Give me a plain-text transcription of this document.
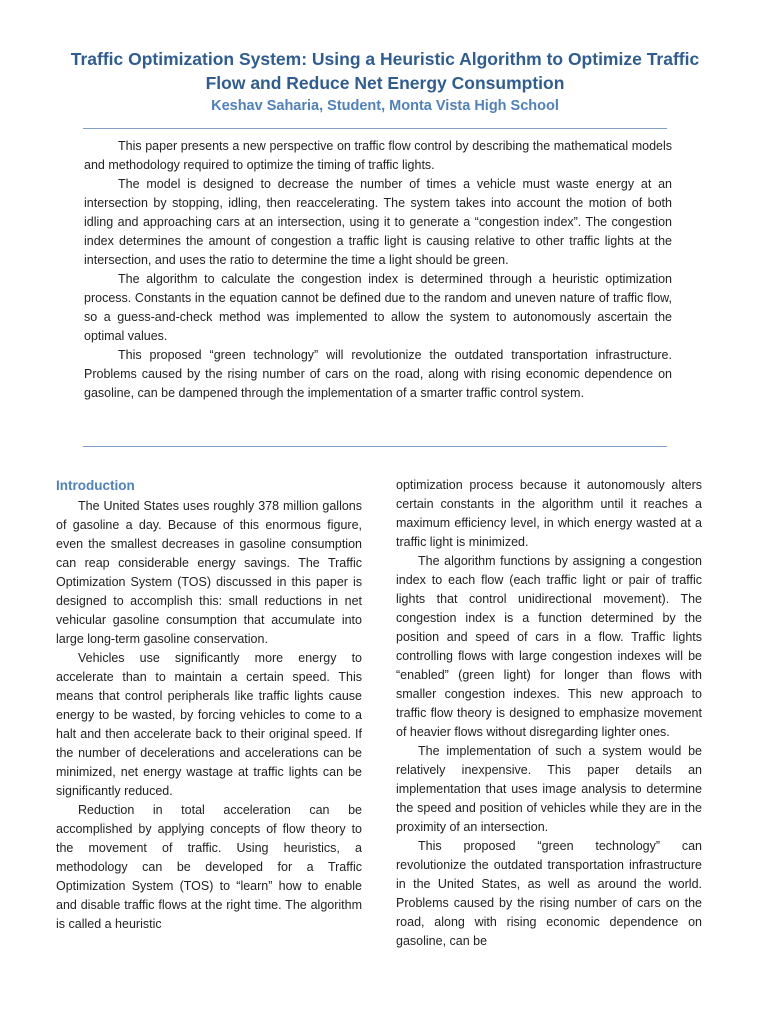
Traffic Optimization System: Using a Heuristic Algorithm to Optimize Traffic Flow and Reduce Net Energy Consumption
Keshav Saharia, Student, Monta Vista High School

This paper presents a new perspective on traffic flow control by describing the mathematical models and methodology required to optimize the timing of traffic lights.

The model is designed to decrease the number of times a vehicle must waste energy at an intersection by stopping, idling, then reaccelerating. The system takes into account the motion of both idling and approaching cars at an intersection, using it to generate a “congestion index”. The congestion index determines the amount of congestion a traffic light is causing relative to other traffic lights at the intersection, and uses the ratio to determine the time a light should be green.

The algorithm to calculate the congestion index is determined through a heuristic optimization process. Constants in the equation cannot be defined due to the random and uneven nature of traffic flow, so a guess-and-check method was implemented to allow the system to autonomously ascertain the optimal values.

This proposed “green technology” will revolutionize the outdated transportation infrastructure. Problems caused by the rising number of cars on the road, along with rising economic dependence on gasoline, can be dampened through the implementation of a smarter traffic control system.

Introduction

The United States uses roughly 378 million gallons of gasoline a day. Because of this enormous figure, even the smallest decreases in gasoline consumption can reap considerable energy savings. The Traffic Optimization System (TOS) discussed in this paper is designed to accomplish this: small reductions in net vehicular gasoline consumption that accumulate into large long-term gasoline conservation.

Vehicles use significantly more energy to accelerate than to maintain a certain speed. This means that control peripherals like traffic lights cause energy to be wasted, by forcing vehicles to come to a halt and then accelerate back to their original speed. If the number of decelerations and accelerations can be minimized, net energy wastage at traffic lights can be significantly reduced.

Reduction in total acceleration can be accomplished by applying concepts of flow theory to the movement of traffic. Using heuristics, a methodology can be developed for a Traffic Optimization System (TOS) to “learn” how to enable and disable traffic flows at the right time. The algorithm is called a heuristic

optimization process because it autonomously alters certain constants in the algorithm until it reaches a maximum efficiency level, in which energy wasted at a traffic light is minimized.

The algorithm functions by assigning a congestion index to each flow (each traffic light or pair of traffic lights that control unidirectional movement). The congestion index is a function determined by the position and speed of cars in a flow. Traffic lights controlling flows with large congestion indexes will be “enabled” (green light) for longer than flows with smaller congestion indexes. This new approach to traffic flow theory is designed to emphasize movement of heavier flows without disregarding lighter ones.

The implementation of such a system would be relatively inexpensive. This paper details an implementation that uses image analysis to determine the speed and position of vehicles while they are in the proximity of an intersection.

This proposed “green technology” can revolutionize the outdated transportation infrastructure in the United States, as well as around the world. Problems caused by the rising number of cars on the road, along with rising economic dependence on gasoline, can be
